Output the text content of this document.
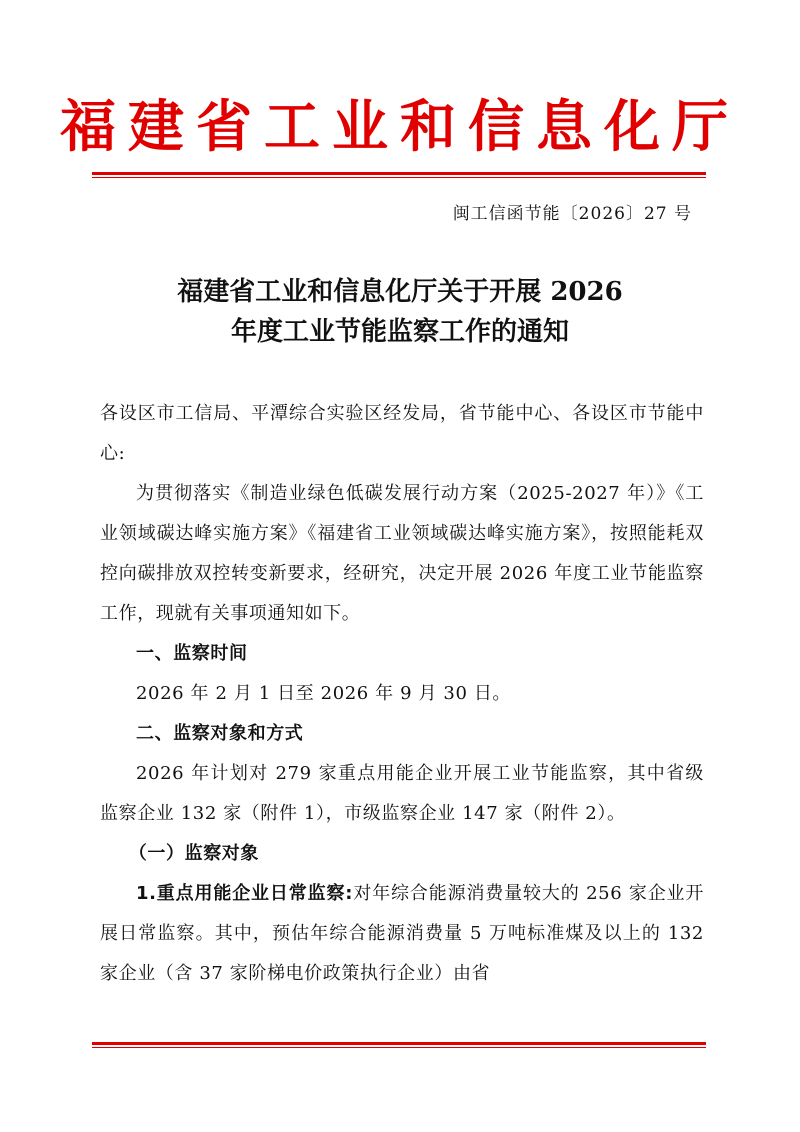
福建省工业和信息化厅
闽工信函节能〔2026〕27 号
福建省工业和信息化厅关于开展 2026
年度工业节能监察工作的通知

各设区市工信局、平潭综合实验区经发局，省节能中心、各设区市节能中心:

为贯彻落实《制造业绿色低碳发展行动方案（2025-2027 年）》《工业领域碳达峰实施方案》《福建省工业领域碳达峰实施方案》，按照能耗双控向碳排放双控转变新要求，经研究，决定开展 2026 年度工业节能监察工作，现就有关事项通知如下。

一、监察时间

2026 年 2 月 1 日至 2026 年 9 月 30 日。

二、监察对象和方式

2026 年计划对 279 家重点用能企业开展工业节能监察，其中省级监察企业 132 家（附件 1），市级监察企业 147 家（附件 2）。

（一）监察对象

1.重点用能企业日常监察:对年综合能源消费量较大的 256 家企业开展日常监察。其中，预估年综合能源消费量 5 万吨标准煤及以上的 132 家企业（含 37 家阶梯电价政策执行企业）由省
